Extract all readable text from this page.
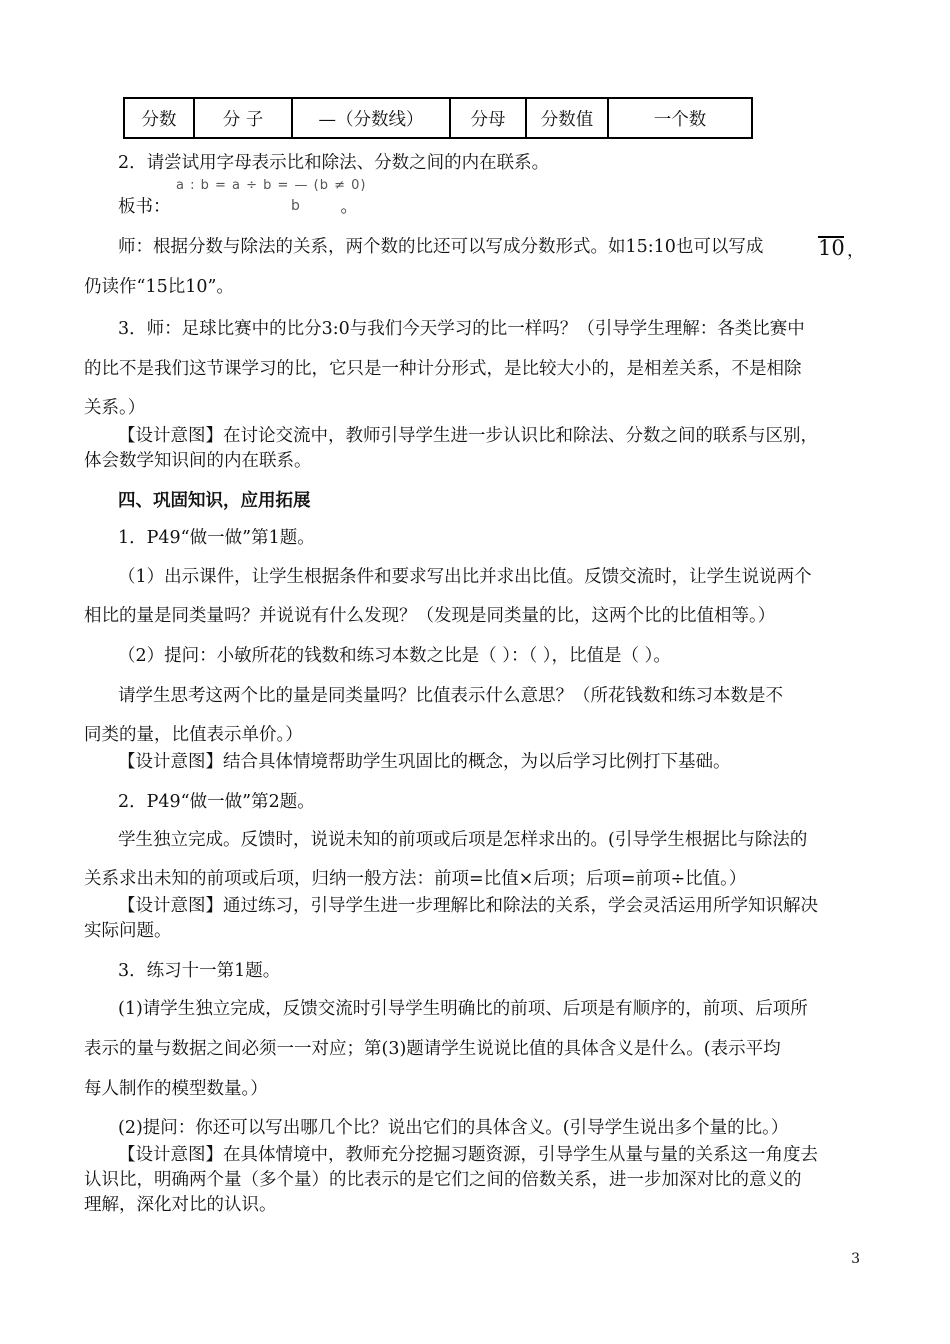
分数	分 子	—（分数线）	分母	分数值	一个数
2．请尝试用字母表示比和除法、分数之间的内在联系。
a : b = a ÷ b = — (b ≠ 0)
b
板书：	。
师：根据分数与除法的关系，两个数的比还可以写成分数形式。如15:10也可以写成	10 ，
仍读作“15比10”。
3．师：足球比赛中的比分3:0与我们今天学习的比一样吗？（引导学生理解：各类比赛中
的比不是我们这节课学习的比，它只是一种计分形式，是比较大小的，是相差关系，不是相除
关系。）
【设计意图】在讨论交流中，教师引导学生进一步认识比和除法、分数之间的联系与区别，
体会数学知识间的内在联系。
四、巩固知识，应用拓展
1．P49“做一做”第1题。
（1）出示课件，让学生根据条件和要求写出比并求出比值。反馈交流时，让学生说说两个
相比的量是同类量吗？并说说有什么发现？（发现是同类量的比，这两个比的比值相等。）
（2）提问：小敏所花的钱数和练习本数之比是（ ）：（ ），比值是（ ）。
请学生思考这两个比的量是同类量吗？比值表示什么意思？（所花钱数和练习本数是不
同类的量，比值表示单价。）
【设计意图】结合具体情境帮助学生巩固比的概念，为以后学习比例打下基础。
2．P49“做一做”第2题。
学生独立完成。反馈时，说说未知的前项或后项是怎样求出的。(引导学生根据比与除法的
关系求出未知的前项或后项，归纳一般方法：前项=比值×后项；后项=前项÷比值。）
【设计意图】通过练习，引导学生进一步理解比和除法的关系，学会灵活运用所学知识解决
实际问题。
3．练习十一第1题。
(1)请学生独立完成，反馈交流时引导学生明确比的前项、后项是有顺序的，前项、后项所
表示的量与数据之间必须一一对应；第(3)题请学生说说比值的具体含义是什么。(表示平均
每人制作的模型数量。）
(2)提问：你还可以写出哪几个比？说出它们的具体含义。(引导学生说出多个量的比。）
【设计意图】在具体情境中，教师充分挖掘习题资源，引导学生从量与量的关系这一角度去
认识比，明确两个量（多个量）的比表示的是它们之间的倍数关系，进一步加深对比的意义的
理解，深化对比的认识。
3
